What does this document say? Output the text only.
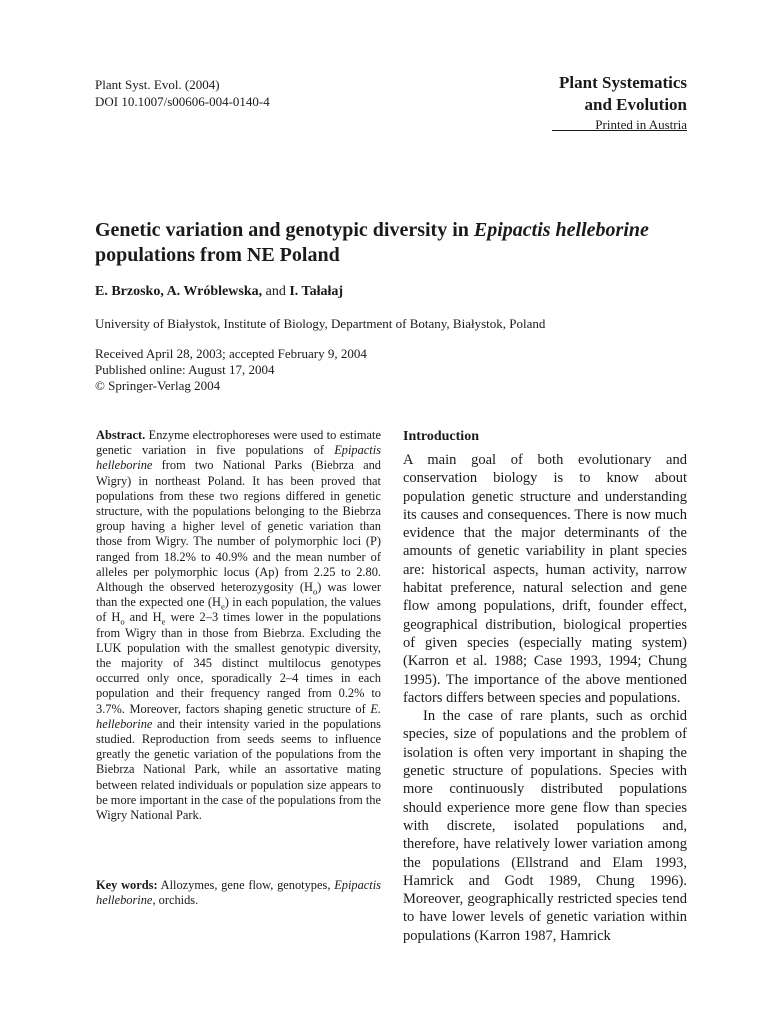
Plant Syst. Evol. (2004)
DOI 10.1007/s00606-004-0140-4
Plant Systematics
and Evolution
Printed in Austria
Genetic variation and genotypic diversity in Epipactis helleborine
populations from NE Poland
E. Brzosko, A. Wróblewska, and I. Tałałaj
University of Białystok, Institute of Biology, Department of Botany, Białystok, Poland
Received April 28, 2003; accepted February 9, 2004
Published online: August 17, 2004
© Springer-Verlag 2004
Abstract. Enzyme electrophoreses were used to estimate genetic variation in five populations of Epipactis helleborine from two National Parks (Biebrza and Wigry) in northeast Poland. It has been proved that populations from these two regions differed in genetic structure, with the populations belonging to the Biebrza group having a higher level of genetic variation than those from Wigry. The number of polymorphic loci (P) ranged from 18.2% to 40.9% and the mean number of alleles per polymorphic locus (Ap) from 2.25 to 2.80. Although the observed heterozygosity $(H_o)$ was lower than the expected one $(H_e)$ in each population, the values of $H_o$ and $H_e$ were 2–3 times lower in the populations from Wigry than in those from Biebrza. Excluding the LUK population with the smallest genotypic diversity, the majority of 345 distinct multilocus genotypes occurred only once, sporadically 2–4 times in each population and their frequency ranged from 0.2% to 3.7%. Moreover, factors shaping genetic structure of E. helleborine and their intensity varied in the populations studied. Reproduction from seeds seems to influence greatly the genetic variation of the populations from the Biebrza National Park, while an assortative mating between related individuals or population size appears to be more important in the case of the populations from the Wigry National Park.
Key words: Allozymes, gene flow, genotypes, Epipactis helleborine, orchids.
Introduction

A main goal of both evolutionary and conservation biology is to know about population genetic structure and understanding its causes and consequences. There is now much evidence that the major determinants of the amounts of genetic variability in plant species are: historical aspects, human activity, narrow habitat preference, natural selection and gene flow among populations, drift, founder effect, geographical distribution, biological properties of given species (especially mating system) (Karron et al. 1988; Case 1993, 1994; Chung 1995). The importance of the above mentioned factors differs between species and populations.

In the case of rare plants, such as orchid species, size of populations and the problem of isolation is often very important in shaping the genetic structure of populations. Species with more continuously distributed populations should experience more gene flow than species with discrete, isolated populations and, therefore, have relatively lower variation among the populations (Ellstrand and Elam 1993, Hamrick and Godt 1989, Chung 1996). Moreover, geographically restricted species tend to have lower levels of genetic variation within populations (Karron 1987, Hamrick
